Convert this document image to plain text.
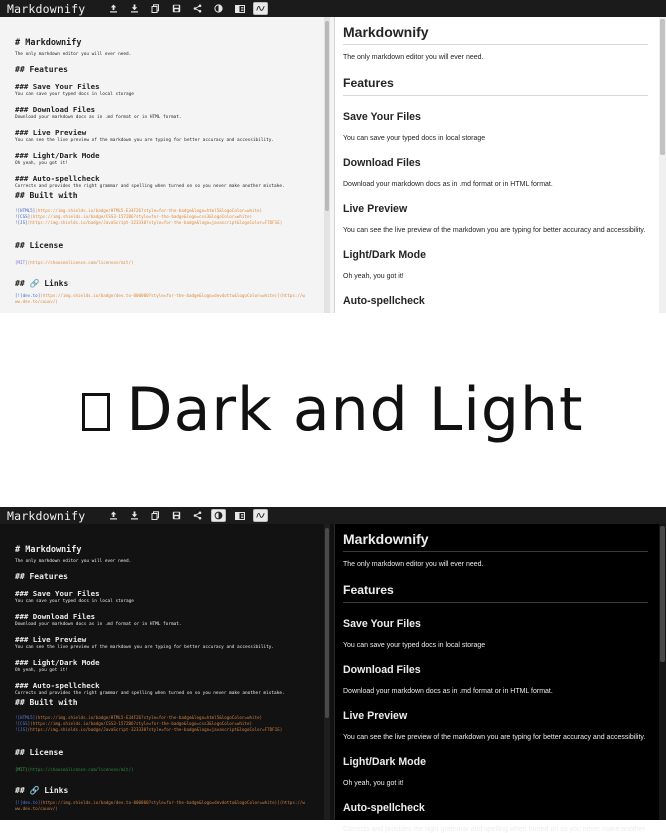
Markdownify
# Markdownify
The only markdown editor you will ever need.
## Features
### Save Your Files
You can save your typed docs in local storage
### Download Files
Download your markdown docs as in .md format or in HTML format.
### Live Preview
You can see the live preview of the markdown you are typing for better accuracy and accessibility.
### Light/Dark Mode
Oh yeah, you got it!
### Auto-spellcheck
Corrects and provides the right grammar and spelling when turned on so you never make another mistake.
## Built with
![HTML5](https://img.shields.io/badge/HTML5-E34F26?style=for-the-badge&logo=html5&logoColor=white)
![CSS](https://img.shields.io/badge/CSS3-1572B6?style=for-the-badge&logo=css3&logoColor=white)
![JS](https://img.shields.io/badge/JavaScript-323330?style=for-the-badge&logo=javascript&logoColor=F7DF1E)
## License
[MIT](https://choosealicense.com/licenses/mit/)
## 🔗 Links
[![dev.to](https://img.shields.io/badge/dev.to-000000?style=for-the-badge&logo=devdotto&logoColor=white)](https://www.dev.to/cuuxv/)
Markdownify
The only markdown editor you will ever need.
Features
Save Your Files
You can save your typed docs in local storage
Download Files
Download your markdown docs as in .md format or in HTML format.
Live Preview
You can see the live preview of the markdown you are typing for better accuracy and accessibility.
Light/Dark Mode
Oh yeah, you got it!
Auto-spellcheck
Dark and Light
Markdownify
# Markdownify
The only markdown editor you will ever need.
## Features
### Save Your Files
You can save your typed docs in local storage
### Download Files
Download your markdown docs as in .md format or in HTML format.
### Live Preview
You can see the live preview of the markdown you are typing for better accuracy and accessibility.
### Light/Dark Mode
Oh yeah, you got it!
### Auto-spellcheck
Corrects and provides the right grammar and spelling when turned on so you never make another mistake.
## Built with
![HTML5](https://img.shields.io/badge/HTML5-E34F26?style=for-the-badge&logo=html5&logoColor=white)
![CSS](https://img.shields.io/badge/CSS3-1572B6?style=for-the-badge&logo=css3&logoColor=white)
![JS](https://img.shields.io/badge/JavaScript-323330?style=for-the-badge&logo=javascript&logoColor=F7DF1E)
## License
[MIT](https://choosealicense.com/licenses/mit/)
## 🔗 Links
[![dev.to](https://img.shields.io/badge/dev.to-000000?style=for-the-badge&logo=devdotto&logoColor=white)](https://www.dev.to/cuuxv/)
Markdownify
The only markdown editor you will ever need.
Features
Save Your Files
You can save your typed docs in local storage
Download Files
Download your markdown docs as in .md format or in HTML format.
Live Preview
You can see the live preview of the markdown you are typing for better accuracy and accessibility.
Light/Dark Mode
Oh yeah, you got it!
Auto-spellcheck
Corrects and provides the right grammar and spelling when turned on so you never make another
